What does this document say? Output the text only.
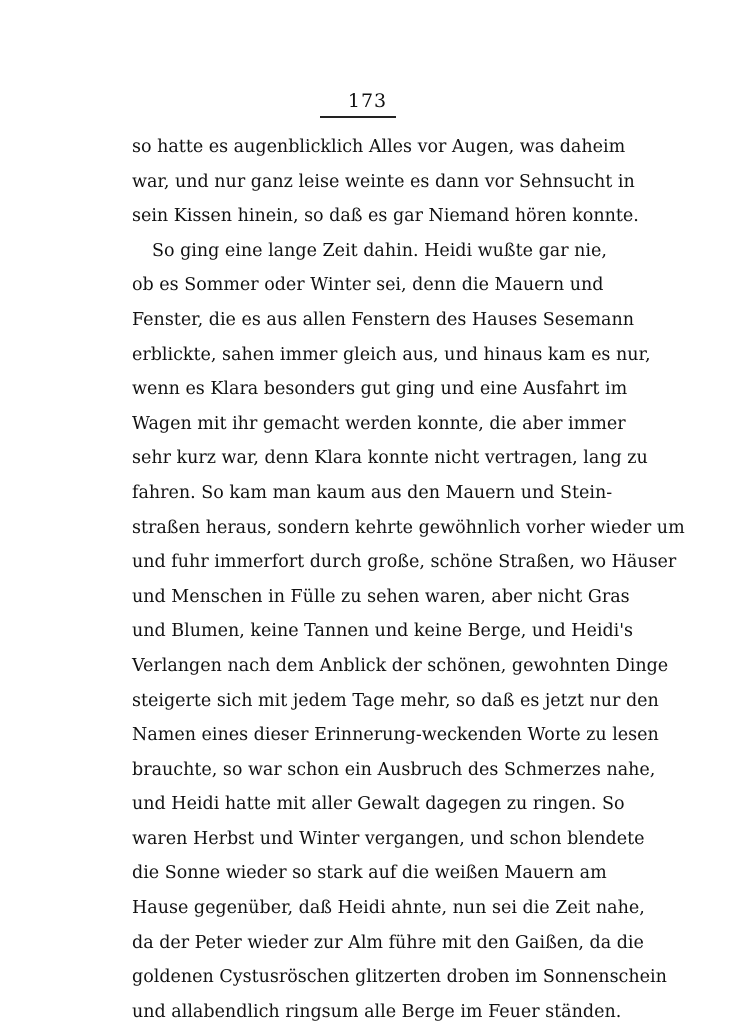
173
so hatte es augenblicklich Alles vor Augen, was daheim
war, und nur ganz leise weinte es dann vor Sehnsucht in
sein Kissen hinein, so daß es gar Niemand hören konnte.
So ging eine lange Zeit dahin. Heidi wußte gar nie,
ob es Sommer oder Winter sei, denn die Mauern und
Fenster, die es aus allen Fenstern des Hauses Sesemann
erblickte, sahen immer gleich aus, und hinaus kam es nur,
wenn es Klara besonders gut ging und eine Ausfahrt im
Wagen mit ihr gemacht werden konnte, die aber immer
sehr kurz war, denn Klara konnte nicht vertragen, lang zu
fahren. So kam man kaum aus den Mauern und Stein-
straßen heraus, sondern kehrte gewöhnlich vorher wieder um
und fuhr immerfort durch große, schöne Straßen, wo Häuser
und Menschen in Fülle zu sehen waren, aber nicht Gras
und Blumen, keine Tannen und keine Berge, und Heidi's
Verlangen nach dem Anblick der schönen, gewohnten Dinge
steigerte sich mit jedem Tage mehr, so daß es jetzt nur den
Namen eines dieser Erinnerung-weckenden Worte zu lesen
brauchte, so war schon ein Ausbruch des Schmerzes nahe,
und Heidi hatte mit aller Gewalt dagegen zu ringen. So
waren Herbst und Winter vergangen, und schon blendete
die Sonne wieder so stark auf die weißen Mauern am
Hause gegenüber, daß Heidi ahnte, nun sei die Zeit nahe,
da der Peter wieder zur Alm führe mit den Gaißen, da die
goldenen Cystusröschen glitzerten droben im Sonnenschein
und allabendlich ringsum alle Berge im Feuer ständen.
